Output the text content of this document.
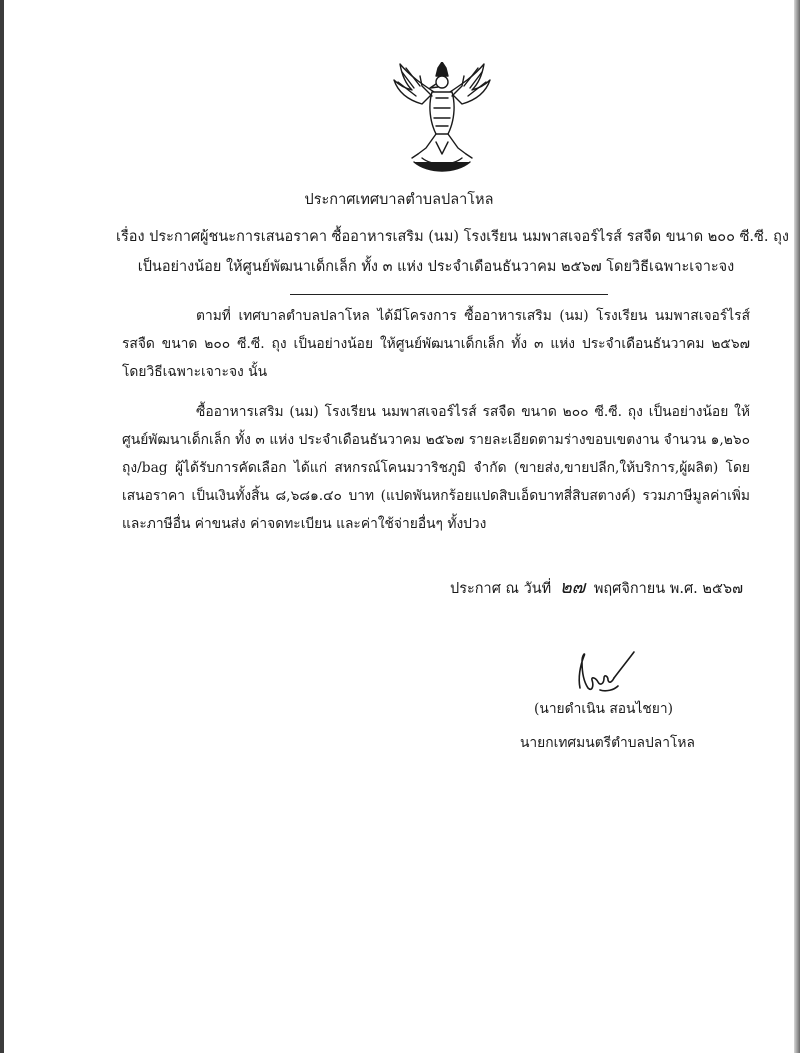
ประกาศเทศบาลตำบลปลาโหล
เรื่อง ประกาศผู้ชนะการเสนอราคา ซื้ออาหารเสริม (นม) โรงเรียน นมพาสเจอร์ไรส์ รสจืด ขนาด ๒๐๐ ซี.ซี. ถุง
เป็นอย่างน้อย ให้ศูนย์พัฒนาเด็กเล็ก ทั้ง ๓ แห่ง ประจำเดือนธันวาคม ๒๕๖๗ โดยวิธีเฉพาะเจาะจง
ตามที่ เทศบาลตำบลปลาโหล ได้มีโครงการ ซื้ออาหารเสริม (นม) โรงเรียน นมพาสเจอร์ไรส์ รสจืด ขนาด ๒๐๐ ซี.ซี. ถุง เป็นอย่างน้อย ให้ศูนย์พัฒนาเด็กเล็ก ทั้ง ๓ แห่ง ประจำเดือนธันวาคม ๒๕๖๗ โดยวิธีเฉพาะเจาะจง นั้น
ซื้ออาหารเสริม (นม) โรงเรียน นมพาสเจอร์ไรส์ รสจืด ขนาด ๒๐๐ ซี.ซี. ถุง เป็นอย่างน้อย ให้ศูนย์พัฒนาเด็กเล็ก ทั้ง ๓ แห่ง ประจำเดือนธันวาคม ๒๕๖๗ รายละเอียดตามร่างขอบเขตงาน จำนวน ๑,๒๖๐ ถุง/bag ผู้ได้รับการคัดเลือก ได้แก่ สหกรณ์โคนมวาริชภูมิ จำกัด (ขายส่ง,ขายปลีก,ให้บริการ,ผู้ผลิต) โดยเสนอราคา เป็นเงินทั้งสิ้น ๘,๖๘๑.๔๐ บาท (แปดพันหกร้อยแปดสิบเอ็ดบาทสี่สิบสตางค์) รวมภาษีมูลค่าเพิ่มและภาษีอื่น ค่าขนส่ง ค่าจดทะเบียน และค่าใช้จ่ายอื่นๆ ทั้งปวง
ประกาศ ณ วันที่ ๒๗ พฤศจิกายน พ.ศ. ๒๕๖๗
(นายดำเนิน สอนไชยา)
นายกเทศมนตรีตำบลปลาโหล
